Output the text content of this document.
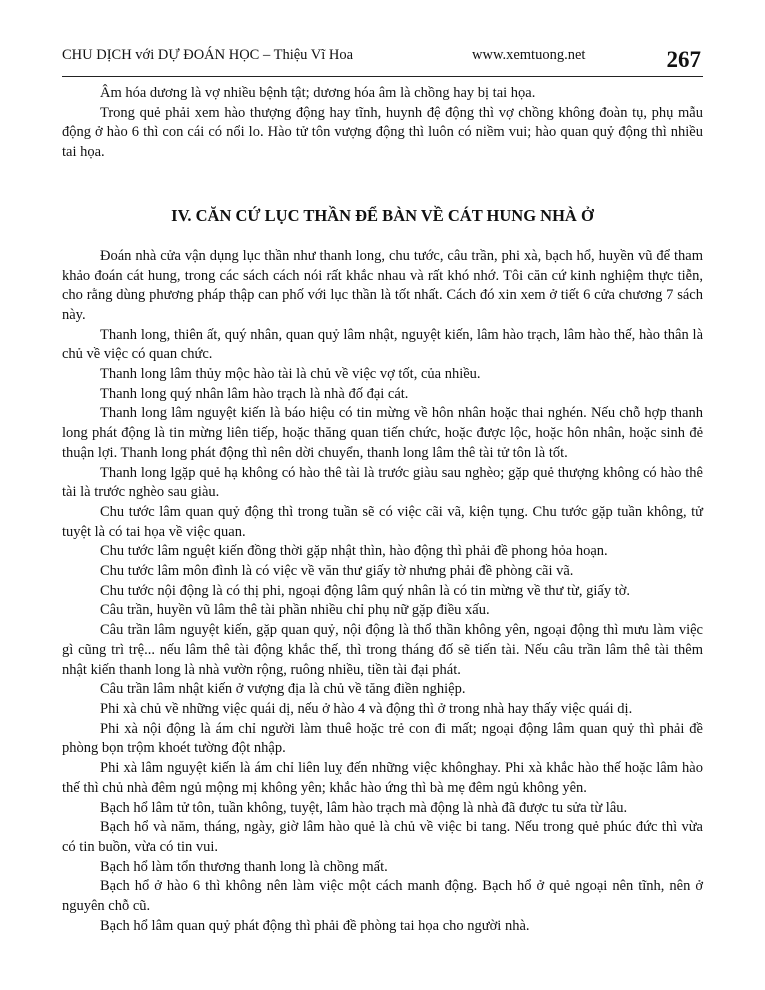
CHU DỊCH với DỰ ĐOÁN HỌC – Thiệu Vĩ Hoa	www.xemtuong.net	267

Âm hóa dương là vợ nhiều bệnh tật; dương hóa âm là chồng hay bị tai họa.

Trong quẻ phải xem hào thượng động hay tĩnh, huynh đệ động thì vợ chồng không đoàn tụ, phụ mẫu động ở hào 6 thì con cái có nổi lo. Hào tử tôn vượng động thì luôn có niềm vui; hào quan quỷ động thì nhiều tai họa.

IV. CĂN CỨ LỤC THẦN ĐỂ BÀN VỀ CÁT HUNG NHÀ Ở

Đoán nhà cửa vận dụng lục thần như thanh long, chu tước, câu trần, phi xà, bạch hổ, huyền vũ để tham khảo đoán cát hung, trong các sách cách nói rất khắc nhau và rất khó nhớ. Tôi căn cứ kinh nghiệm thực tiễn, cho rằng dùng phương pháp thập can phố với lục thần là tốt nhất. Cách đó xin xem ở tiết 6 cửa chương 7 sách này.

Thanh long, thiên ất, quý nhân, quan quỷ lâm nhật, nguyệt kiến, lâm hào trạch, lâm hào thế, hào thân là chủ về việc có quan chức.

Thanh long lâm thủy mộc hào tài là chủ về việc vợ tốt, của nhiều.

Thanh long quý nhân lâm hào trạch là nhà đố đại cát.

Thanh long lâm nguyệt kiến là báo hiệu có tin mừng về hôn nhân hoặc thai nghén. Nếu chỗ hợp thanh long phát động là tin mừng liên tiếp, hoặc thăng quan tiến chức, hoặc được lộc, hoặc hôn nhân, hoặc sinh đẻ thuận lợi. Thanh long phát động thì nên dời chuyển, thanh long lâm thê tài tử tôn là tốt.

Thanh long lgặp quẻ hạ không có hào thê tài là trước giàu sau nghèo; gặp quẻ thượng không có hào thê tài là trước nghèo sau giàu.

Chu tước lâm quan quỷ động thì trong tuần sẽ có việc cãi vã, kiện tụng. Chu tước gặp tuần không, tử tuyệt là có tai họa về việc quan.

Chu tước lâm nguệt kiến đồng thời gặp nhật thìn, hào động thì phải đề phong hỏa hoạn.

Chu tước lâm môn đình là có việc về văn thư giấy tờ nhưng phải đề phòng cãi vã.

Chu tước nội động là có thị phi, ngoại động lâm quý nhân là có tin mừng về thư từ, giấy tờ.

Câu trần, huyền vũ lâm thê tài phần nhiều chỉ phụ nữ gặp điều xấu.

Câu trần lâm nguyệt kiến, gặp quan quỷ, nội động là thổ thần không yên, ngoại động thì mưu làm việc gì cũng trì trệ... nếu lâm thê tài động khắc thế, thì trong tháng đố sẽ tiến tài. Nếu câu trần lâm thê tài thêm nhật kiến thanh long là nhà vườn rộng, ruông nhiều, tiền tài đại phát.

Câu trần lâm nhật kiến ở vượng địa là chủ về tăng điền nghiệp.

Phi xà chủ về những việc quái dị, nếu ở hào 4 và động thì ở trong nhà hay thấy việc quái dị.

Phi xà nội động là ám chỉ người làm thuê hoặc trẻ con đi mất; ngoại động lâm quan quỷ thì phải đề phòng bọn trộm khoét tường đột nhập.

Phi xà lâm nguyệt kiến là ám chỉ liên luỵ đến những việc khônghay. Phi xà khắc hào thế hoặc lâm hào thế thì chủ nhà đêm ngủ mộng mị không yên; khắc hào ứng thì bà mẹ đêm ngủ không yên.

Bạch hổ lâm tử tôn, tuần không, tuyệt, lâm hào trạch mà động là nhà đã được tu sửa từ lâu.

Bạch hổ và năm, tháng, ngày, giờ lâm hào quẻ là chủ về việc bi tang. Nếu trong quẻ phúc đức thì vừa có tin buồn, vừa có tin vui.

Bạch hổ làm tổn thương thanh long là chồng mất.

Bạch hổ ở hào 6 thì không nên làm việc một cách manh động. Bạch hổ ở quẻ ngoại nên tĩnh, nên ở nguyên chỗ cũ.

Bạch hổ lâm quan quỷ phát động thì phải đề phòng tai họa cho người nhà.
